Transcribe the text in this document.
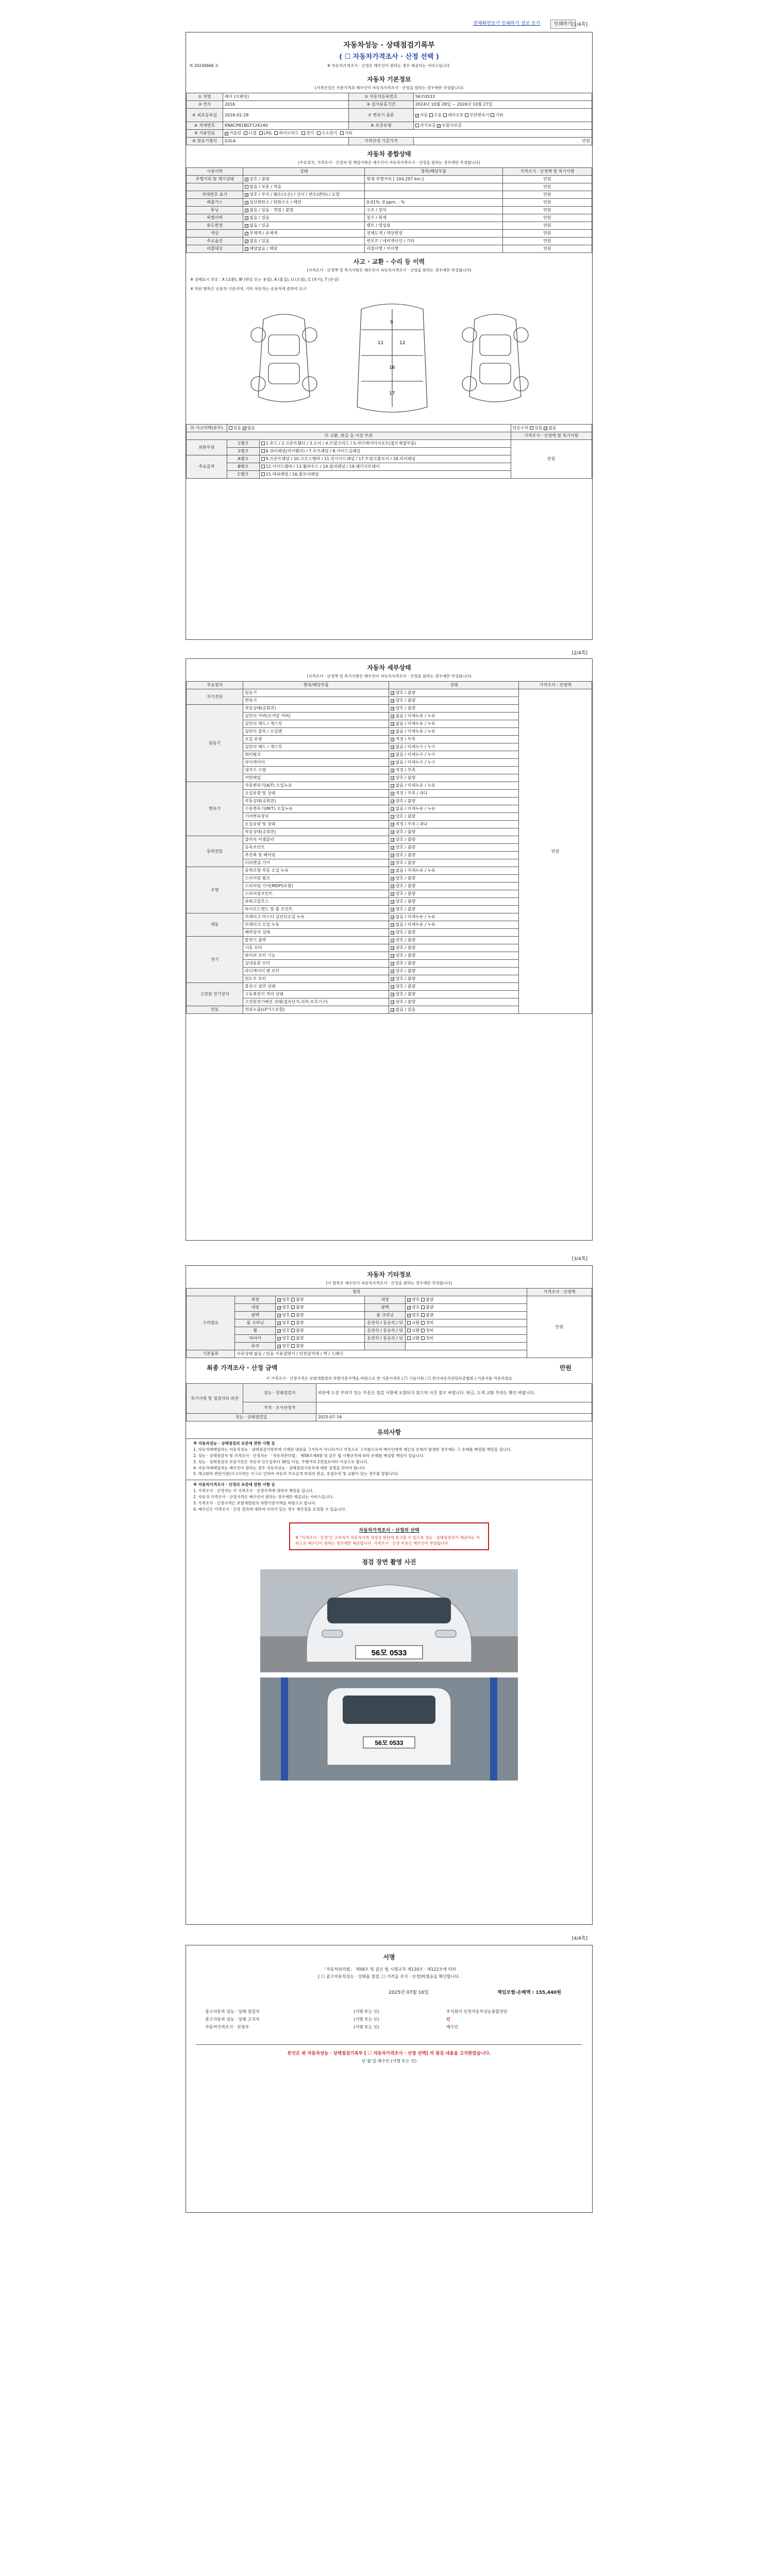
전체화면보기 인쇄하기 정보 보기	인쇄하기 [1/4쪽]
자동차성능 · 상태점검기록부
( ☐ 자동차가격조사 · 산정 선택 )
제 20240666 호	※ 자동차가격조사 · 산정은 매수인이 원하는 경우 제공하는 서비스입니다
자동차 기본정보
(가격산정은 가준가격과 매수인이 자동차가격조사 · 산정을 원하는 경우에만 작성합니다)
① 차명	레이 (브랜딩)	② 자동차등록번호	56모0533
③ 연식	2016	④ 검사유효기간	2024년 10월 28일 ~ 2026년 10월 27일
⑤ 최초등록일	2016-01-28	⑦ 변속기 종류	✓자동 수동 세미오토 무단변속기 기타
⑥ 차대번호	KNACP81BGT124240	⑧ 보증유형	자가보증 ✓ 보험사보증
⑨ 사용연료	✓가솔린 디젤 LPG 하이브리드 전기 수소전기 기타
⑩ 원동기형식	G3LA	가격산정 기준가격	만원
자동차 종합상태
(주요장치, 가격조사 · 산정자 및 책임사항은 매수인이 자동차가격조사 · 산정을 원하는 경우에만 작성합니다)
사용이력	상태	항목/해당부품	가격조사 · 산정액 및 특기사항
주행거리 및 계기상태	✓양호 / 불량	현재 주행거리 [ 104,297 km ]	만원
	많음 / 보통 / 적음		만원
차대번호 표기	✓양호 / 부식 / 훼손(오손) / 상이 / 변조(변타) / 도말		만원
배출가스	✓일산화탄소 / 탄화수소 / 매연	0.01%, 0 ppm, - %	만원
튜닝	✓없음 / 있음 · 적법 / 불법	구조 / 장치	만원
특별이력	✓없음 / 있음	침수 / 화재	만원
용도변경	✓없음 / 있음	렌트 / 영업용	만원
색상	✓무채색 / 유채색	전체도색 / 색상변경	만원
주요옵션	✓없음 / 있음	썬루프 / 네비게이션 / 기타	만원
리콜대상	✓해당없음 / 해당	리콜이행 / 미이행	만원
사고 · 교환 · 수리 등 이력
(가격조사 · 산정액 및 특기사항은 매수인이 자동차가격조사 · 산정을 원하는 경우에만 작성합니다)
※ 상태표시 부호 : X (교환), W (판금 또는 용접), A (흠집), U (요철), C (부식), T (손상)
※ 하단 항목은 승용차 기준이며, 기타 자동차는 승용차에 준하여 표시
9
11	12
16
17
⑪ 사고이력(유무)	있음 ✓ 없음		단순수리 있음 ✓ 없음
⑫ 교환, 판금 등 이상 부위			가격조사 · 산정액 및 특기사항
외판부위	1랭크	1.후드 / 2.프론트휀더 / 3.도어 / 4.트렁크리드 / 5.라디에이터서포트(볼트체결부품)	만원
	2랭크	6.쿼터패널(리어휀더) / 7.루프패널 / 8.사이드실패널	
주요골격	A랭크	9.프론트패널 / 10.크로스멤버 / 11.인사이드패널 / 17.트렁크플로어 / 18.리어패널	
	B랭크	12.사이드멤버 / 13.휠하우스 / 14.필러패널 / 19.패키지트레이	
	C랭크	15.대쉬패널 / 16.플로어패널	
[2/4쪽]
자동차 세부상태
(가격조사 · 산정액 및 특기사항은 매수인이 자동차가격조사 · 산정을 원하는 경우에만 작성합니다)
주요장치	항목/해당부품	상태	가격조사 · 산정액
자기진단	원동기	✓양호 / 불량	만원
	변속기	✓양호 / 불량
원동기	작동상태(공회전)	✓양호 / 불량
	실린더 커버(로커암 커버)	✓없음 / 미세누유 / 누유
	실린더 헤드 / 개스킷	✓없음 / 미세누유 / 누유
	실린더 블록 / 오일팬	✓없음 / 미세누유 / 누유
	오일 유량	✓적정 / 부족
	실린더 헤드 / 개스킷	✓없음 / 미세누수 / 누수
	워터펌프	✓없음 / 미세누수 / 누수
	라디에이터	✓없음 / 미세누수 / 누수
	냉각수 수량	✓적정 / 부족
	커먼레일	✓양호 / 불량
변속기	자동변속기(A/T) 오일누유	✓없음 / 미세누유 / 누유
	오일유량 및 상태	✓적정 / 부족 / 과다
	작동상태(공회전)	✓양호 / 불량
	수동변속기(M/T) 오일누유	✓없음 / 미세누유 / 누유
	기어변속장치	✓양호 / 불량
	오일유량 및 상태	✓적정 / 부족 / 과다
	작동상태(공회전)	✓양호 / 불량
동력전달	클러치 어셈블리	✓양호 / 불량
	등속조인트	✓양호 / 불량
	추진축 및 베어링	✓양호 / 불량
	디퍼렌셜 기어	✓양호 / 불량
조향	동력조향 작동 오일 누유	✓없음 / 미세누유 / 누유
	스티어링 펌프	✓양호 / 불량
	스티어링 기어(MDPS포함)	✓양호 / 불량
	스티어링조인트	✓양호 / 불량
	파워고압호스	✓양호 / 불량
	타이로드엔드 및 볼 조인트	✓양호 / 불량
제동	브레이크 마스터 실린더오일 누유	✓없음 / 미세누유 / 누유
	브레이크 오일 누유	✓없음 / 미세누유 / 누유
	배력장치 상태	✓양호 / 불량
전기	발전기 출력	✓양호 / 불량
	시동 모터	✓양호 / 불량
	와이퍼 모터 기능	✓양호 / 불량
	실내송풍 모터	✓양호 / 불량
	라디에이터 팬 모터	✓양호 / 불량
	윈도우 모터	✓양호 / 불량
고전원 전기장치	충전구 절연 상태	✓양호 / 불량
	구동축전지 격리 상태	✓양호 / 불량
	고전원전기배선 상태(접속단자,피복,보호기구)	✓양호 / 불량
연료	연료누출(LP가스포함)	✓없음 / 있음
[3/4쪽]
자동차 기타정보
(이 항목은 매수인이 자동차가격조사 · 산정을 원하는 경우에만 작성합니다)
항목					가격조사 · 산정액
수리필요	외장	✓양호 불량	내장	✓양호 불량	만원
	내장	✓양호 불량	광택	✓양호 불량
	광택	✓양호 불량	룸 크리닝	✓양호 불량
	룸 크리닝	✓양호 불량	운전석 / 동승석 / 뒤	교환 정비	
	휠	✓양호 불량	운전석 / 동승석 / 뒤	교환 정비	
	타이어	✓양호 불량	운전석 / 동승석 / 뒤	교환 정비	
	유리	✓양호 불량		
기본품목	보유상태 없음 / 있음 사용설명서 / 안전삼각대 / 잭 / 스패너				
최종 가격조사 · 산정 금액	만원
이 가격조사 · 산정가격은 보험개발원의 차량기준가액을 바탕으로 한 기준가격과 ( ☐ 기술사회 / ☐ 한국자동차진단보증협회 ) 기준서를 적용하였음
특기사항 및 점검자의 의견	성능 · 상태점검자	외관에 도장 부위가 있는 부분은 점검 사항에 포함되지 않으며 사진 참조 바랍니다. 판금, 도색 교환 부위는 확인 바랍니다.
	가격 · 조사산정자	
성능 · 상태점검일		2025-07-16
유의사항

※ 자동차성능 · 상태점검의 보증에 관한 사항 등

1. 자동차매매업자는 자동차성능 · 상태점검기록부에 기재된 내용을 고지하지 아니하거나 거짓으로 고지함으로써 매수인에게 재산상 손해가 발생한 경우에는 그 손해를 배상할 책임을 집니다.

2. 성능 · 상태점검자 및 가격조사 · 산정자는 「자동차관리법」 제58조제4항 및 같은 법 시행규칙에 따라 손해를 배상할 책임이 있습니다.

3. 성능 · 상태점검의 보증기간은 자동차 인도일부터 30일 이상, 주행거리 2천킬로미터 이상으로 합니다.

4. 자동차매매업자는 매수인이 원하는 경우 자동차성능 · 상태점검기록부에 대한 설명을 하여야 합니다.

5. 체크항목 판단기준(사고이력은 사고로 인하여 자동차 주요골격 부위의 판금, 용접수리 및 교환이 있는 경우를 말합니다).

※ 자동차가격조사 · 산정의 보증에 관한 사항 등

1. 가격조사 · 산정자는 이 가격조사 · 산정가격에 대하여 책임을 집니다.

2. 자동차 가격조사 · 산정가격은 매수인이 원하는 경우에만 제공되는 서비스입니다.

3. 가격조사 · 산정가격은 보험개발원의 차량기준가액을 바탕으로 합니다.

4. 매수인은 가격조사 · 산정 결과에 대하여 이의가 있는 경우 재산정을 요청할 수 있습니다.

자동차가격조사 · 산정의 선택
※ "가격조사 · 산정"은 소비자가 자동차가격 적정성 판단에 참고할 수 있도록 성능 · 상태점검자가 제공하는 서비스로 매수인이 원하는 경우에만 제공합니다. 가격조사 · 산정 비용은 매수인이 부담합니다.
점검 장면 촬영 사진
56모 0533
56모 0533
[4/4쪽]
서명
「자동차관리법」 제58조 및 같은 법 시행규칙 제120조 · 제122조에 따라
[ ☐ 중고자동차성능 · 상태를 점검, ☐ 가격을 조사 · 산정]하였음을 확인합니다.
2025년 07월 16일	책임보험·손해액 : 155,440원
중고자동차 성능 · 상태 점검자	(서명 또는 인)	주식회사 인천자동차성능종합진단
중고자동차 성능 · 상태 고지자	(서명 또는 인)	인
자동차가격조사 · 산정자	(서명 또는 인)	매수인
본인은 위 자동차성능 · 상태점검기록부 [ ☐ 자동차가격조사 · 산정 선택] 의 점검 내용을 고지받았습니다.
년 월 일 매수인 (서명 또는 인)
